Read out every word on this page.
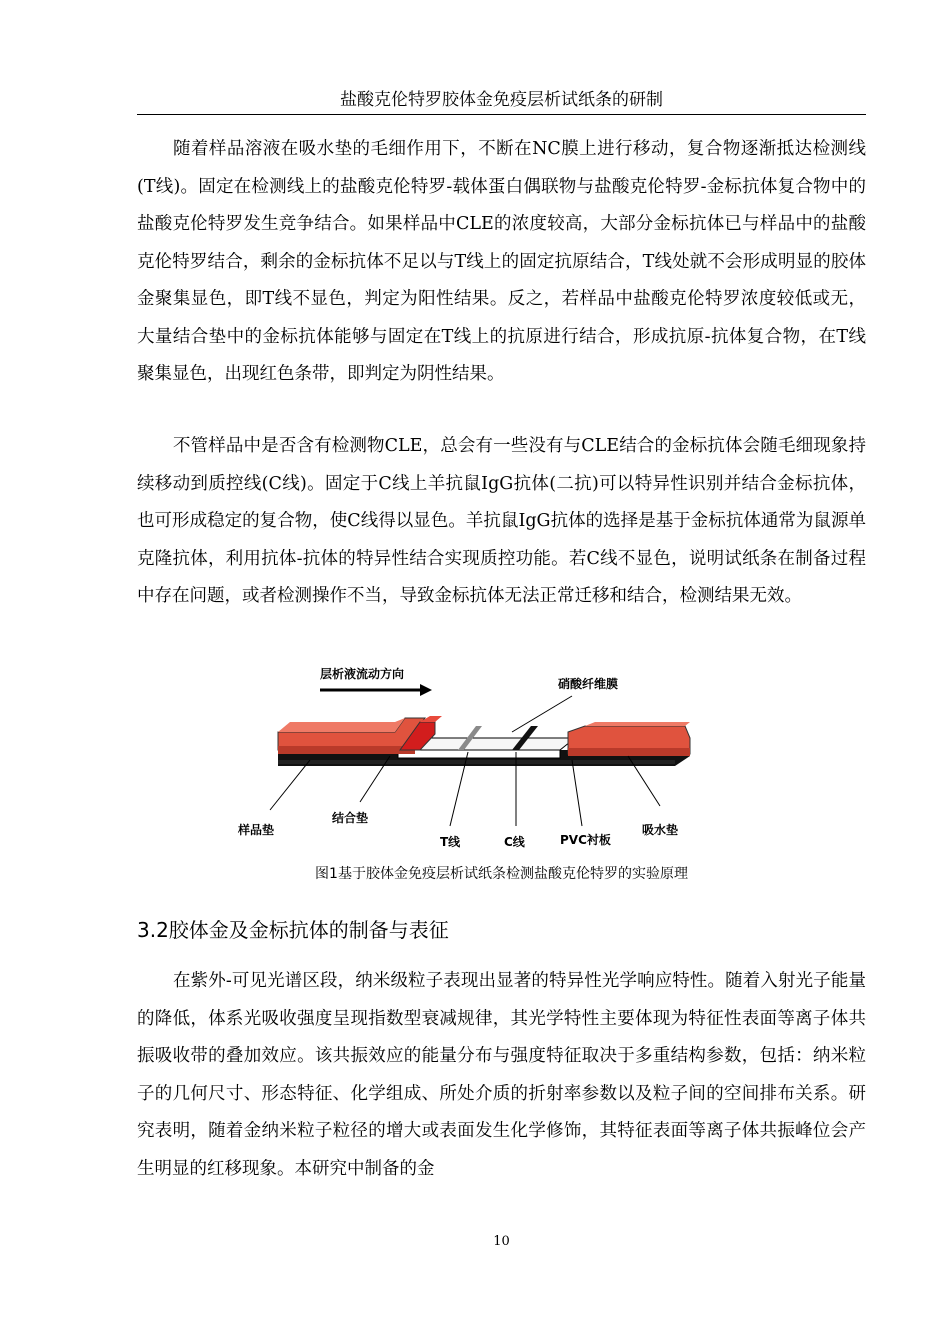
盐酸克伦特罗胶体金免疫层析试纸条的研制

随着样品溶液在吸水垫的毛细作用下，不断在NC膜上进行移动，复合物逐渐抵达检测线(T线)。固定在检测线上的盐酸克伦特罗-载体蛋白偶联物与盐酸克伦特罗-金标抗体复合物中的盐酸克伦特罗发生竞争结合。如果样品中CLE的浓度较高，大部分金标抗体已与样品中的盐酸克伦特罗结合，剩余的金标抗体不足以与T线上的固定抗原结合，T线处就不会形成明显的胶体金聚集显色，即T线不显色，判定为阳性结果。反之，若样品中盐酸克伦特罗浓度较低或无，大量结合垫中的金标抗体能够与固定在T线上的抗原进行结合，形成抗原-抗体复合物，在T线聚集显色，出现红色条带，即判定为阴性结果。

不管样品中是否含有检测物CLE，总会有一些没有与CLE结合的金标抗体会随毛细现象持续移动到质控线(C线)。固定于C线上羊抗鼠IgG抗体(二抗)可以特异性识别并结合金标抗体，也可形成稳定的复合物，使C线得以显色。羊抗鼠IgG抗体的选择是基于金标抗体通常为鼠源单克隆抗体，利用抗体-抗体的特异性结合实现质控功能。若C线不显色，说明试纸条在制备过程中存在问题，或者检测操作不当，导致金标抗体无法正常迁移和结合，检测结果无效。

层析液流动方向
硝酸纤维膜
样品垫
结合垫
T线	C线	PVC衬板
吸水垫
图1基于胶体金免疫层析试纸条检测盐酸克伦特罗的实验原理
3.2胶体金及金标抗体的制备与表征

在紫外-可见光谱区段，纳米级粒子表现出显著的特异性光学响应特性。随着入射光子能量的降低，体系光吸收强度呈现指数型衰减规律，其光学特性主要体现为特征性表面等离子体共振吸收带的叠加效应。该共振效应的能量分布与强度特征取决于多重结构参数，包括：纳米粒子的几何尺寸、形态特征、化学组成、所处介质的折射率参数以及粒子间的空间排布关系。研究表明，随着金纳米粒子粒径的增大或表面发生化学修饰，其特征表面等离子体共振峰位会产生明显的红移现象。本研究中制备的金

10
